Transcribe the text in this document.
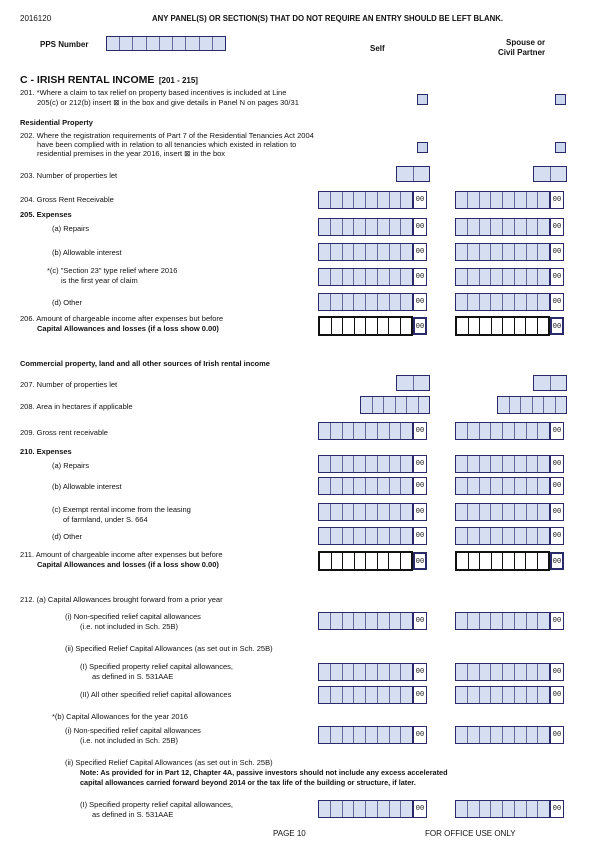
2016120	ANY PANEL(S) OR SECTION(S) THAT DO NOT REQUIRE AN ENTRY SHOULD BE LEFT BLANK.
PPS Number	Self
Spouse or
Civil Partner
C - IRISH RENTAL INCOME [201 - 215]
201. *Where a claim to tax relief on property based incentives is included at Line
205(c) or 212(b) insert ⊠ in the box and give details in Panel N on pages 30/31
Residential Property
202. Where the registration requirements of Part 7 of the Residential Tenancies Act 2004
have been complied with in relation to all tenancies which existed in relation to
residential premises in the year 2016, insert ⊠ in the box
203. Number of properties let
204. Gross Rent Receivable	00	00
205. Expenses
(a) Repairs	00	00
(b) Allowable interest	00	00
*(c) "Section 23" type relief where 2016
is the first year of claim	00	00
(d) Other	00	00
206. Amount of chargeable income after expenses but before
Capital Allowances and losses (if a loss show 0.00)	00	00
Commercial property, land and all other sources of Irish rental income
207. Number of properties let
208. Area in hectares if applicable
209. Gross rent receivable	00	00
210. Expenses
(a) Repairs	00	00
(b) Allowable interest	00	00
(c) Exempt rental income from the leasing
of farmland, under S. 664
00	00
(d) Other	00	00
211. Amount of chargeable income after expenses but before
Capital Allowances and losses (if a loss show 0.00)	00	00
212. (a) Capital Allowances brought forward from a prior year
(i) Non-specified relief capital allowances
(i.e. not included in Sch. 25B)
00	00
(ii) Specified Relief Capital Allowances (as set out in Sch. 25B)
(I) Specified property relief capital allowances,
as defined in S. 531AAE	00	00
(II) All other specified relief capital allowances	00	00
*(b) Capital Allowances for the year 2016
(i) Non-specified relief capital allowances
(i.e. not included in Sch. 25B)
00	00
(ii) Specified Relief Capital Allowances (as set out in Sch. 25B)
Note: As provided for in Part 12, Chapter 4A, passive investors should not include any excess accelerated
capital allowances carried forward beyond 2014 or the tax life of the building or structure, if later.
(I) Specified property relief capital allowances,
as defined in S. 531AAE
00	00
PAGE 10	FOR OFFICE USE ONLY
